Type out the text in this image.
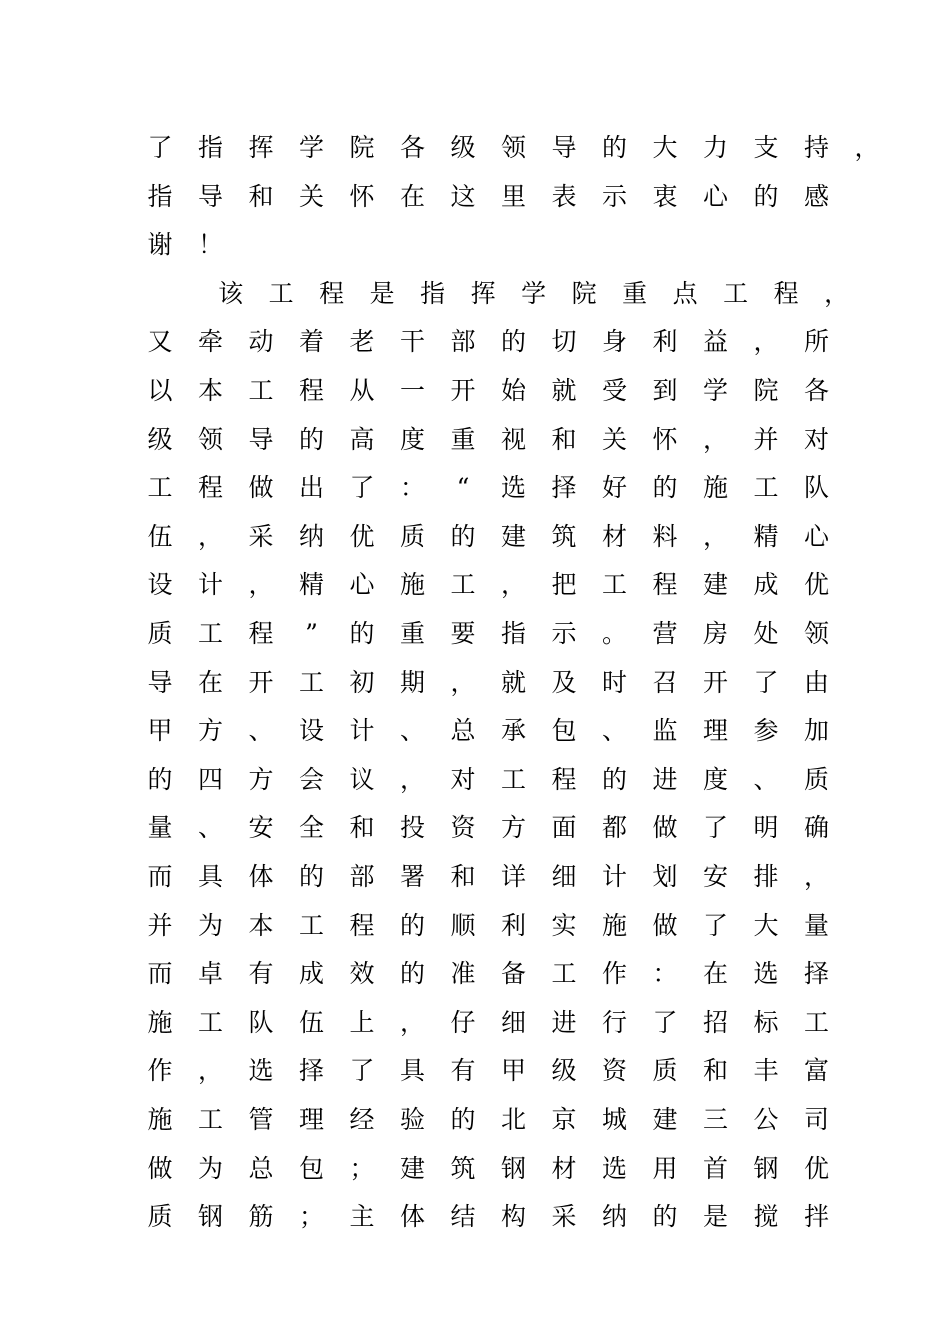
了 指 挥 学 院 各 级 领 导 的 大 力 支 持 ，
指 导 和 关 怀 在 这 里 表 示 衷 心 的 感
谢 ！
该 工 程 是 指 挥 学 院 重 点 工 程 ，
又 牵 动 着 老 干 部 的 切 身 利 益 ， 所
以 本 工 程 从 一 开 始 就 受 到 学 院 各
级 领 导 的 高 度 重 视 和 关 怀 ， 并 对
工 程 做 出 了 ：	“	选 择 好 的 施 工 队
伍 ， 采 纳 优 质 的 建 筑 材 料 ， 精 心
设 计 ， 精 心 施 工 ， 把 工 程 建 成 优
质 工 程	”	的 重 要 指 示 。 营 房 处 领
导 在 开 工 初 期 ， 就 及 时 召 开 了 由
甲 方 、 设 计 、 总 承 包 、 监 理 参 加
的 四 方 会 议 ， 对 工 程 的 进 度 、 质
量 、 安 全 和 投 资 方 面 都 做 了 明 确
而 具 体 的 部 署 和 详 细 计 划 安 排 ，
并 为 本 工 程 的 顺 利 实 施 做 了 大 量
而 卓 有 成 效 的 准 备 工 作 ： 在 选 择
施 工 队 伍 上 ， 仔 细 进 行 了 招 标 工
作 ， 选 择 了 具 有 甲 级 资 质 和 丰 富
施 工 管 理 经 验 的 北 京 城 建 三 公 司
做 为 总 包 ； 建 筑 钢 材 选 用 首 钢 优
质 钢 筋 ； 主 体 结 构 采 纳 的 是 搅 拌
